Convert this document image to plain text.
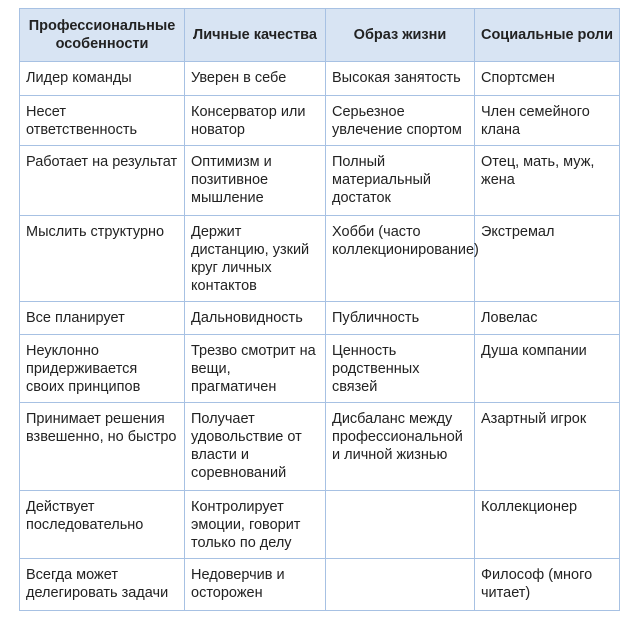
Профессиональные особенности	Личные качества	Образ жизни	Социальные роли
Лидер команды	Уверен в себе	Высокая занятость	Спортсмен
Несет ответственность	Консерватор или новатор	Серьезное увлечение спортом	Член семейного клана
Работает на результат	Оптимизм и позитивное мышление	Полный материальный достаток	Отец, мать, муж, жена
Мыслить структурно	Держит дистанцию, узкий круг личных контактов	Хобби (часто коллекционирование)	Экстремал
Все планирует	Дальновидность	Публичность	Ловелас
Неуклонно придерживается своих принципов	Трезво смотрит на вещи, прагматичен	Ценность родственных связей	Душа компании
Принимает решения взвешенно, но быстро	Получает удовольствие от власти и соревнований	Дисбаланс между профессиональной и личной жизнью	Азартный игрок
Действует последовательно	Контролирует эмоции, говорит только по делу		Коллекционер
Всегда может делегировать задачи	Недоверчив и осторожен		Философ (много читает)
